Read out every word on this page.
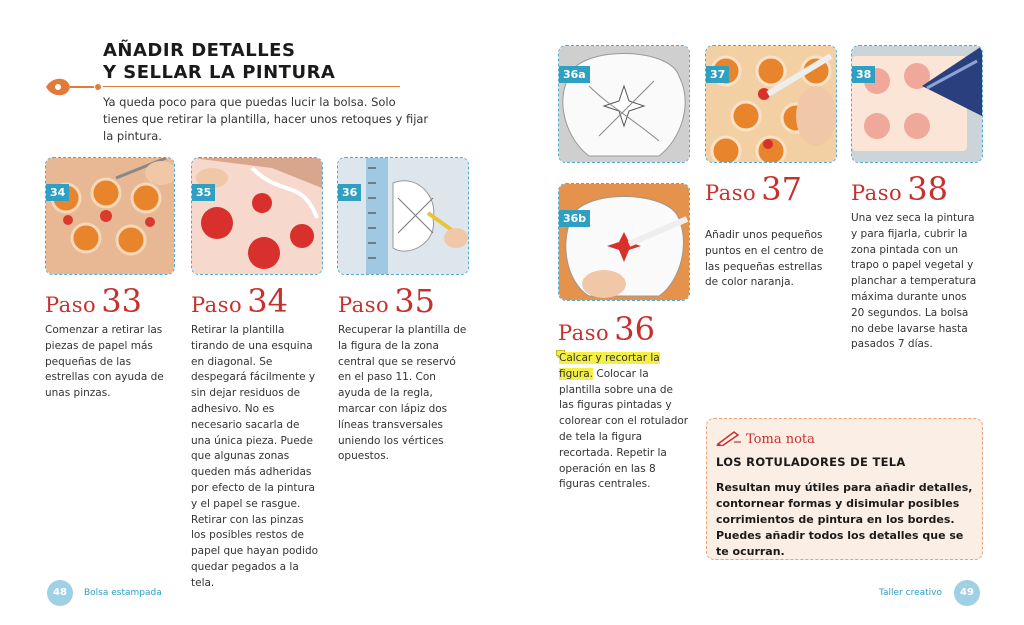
AÑADIR DETALLES
Y SELLAR LA PINTURA
Ya queda poco para que puedas lucir la bolsa. Solo tienes que retirar la plantilla, hacer unos retoques y fijar la pintura.
34	35	36
Paso 33
Comenzar a retirar las piezas de papel más pequeñas de las estrellas con ayuda de unas pinzas.
Paso 34
Retirar la plantilla tirando de una esquina en diagonal. Se despegará fácilmente y sin dejar residuos de adhesivo. No es necesario sacarla de una única pieza. Puede que algunas zonas queden más adheridas por efecto de la pintura y el papel se rasgue. Retirar con las pinzas los posibles restos de papel que hayan podido quedar pegados a la tela.
Paso 35
Recuperar la plantilla de la figura de la zona central que se reservó en el paso 11. Con ayuda de la regla, marcar con lápiz dos líneas transversales uniendo los vértices opuestos.
36a	37	38
36b
Paso 37
Añadir unos pequeños puntos en el centro de las pequeñas estrellas de color naranja.
Paso 38
Una vez seca la pintura y para fijarla, cubrir la zona pintada con un trapo o papel vegetal y planchar a temperatura máxima durante unos 20 segundos. La bolsa no debe lavarse hasta pasados 7 días.
Paso 36
Calcar y recortar la figura. Colocar la plantilla sobre una de las figuras pintadas y colorear con el rotulador de tela la figura recortada. Repetir la operación en las 8 figuras centrales.
Toma nota
LOS ROTULADORES DE TELA
Resultan muy útiles para añadir detalles, contornear formas y disimular posibles corrimientos de pintura en los bordes. Puedes añadir todos los detalles que se te ocurran.
48	Bolsa estampada	Taller creativo	49
